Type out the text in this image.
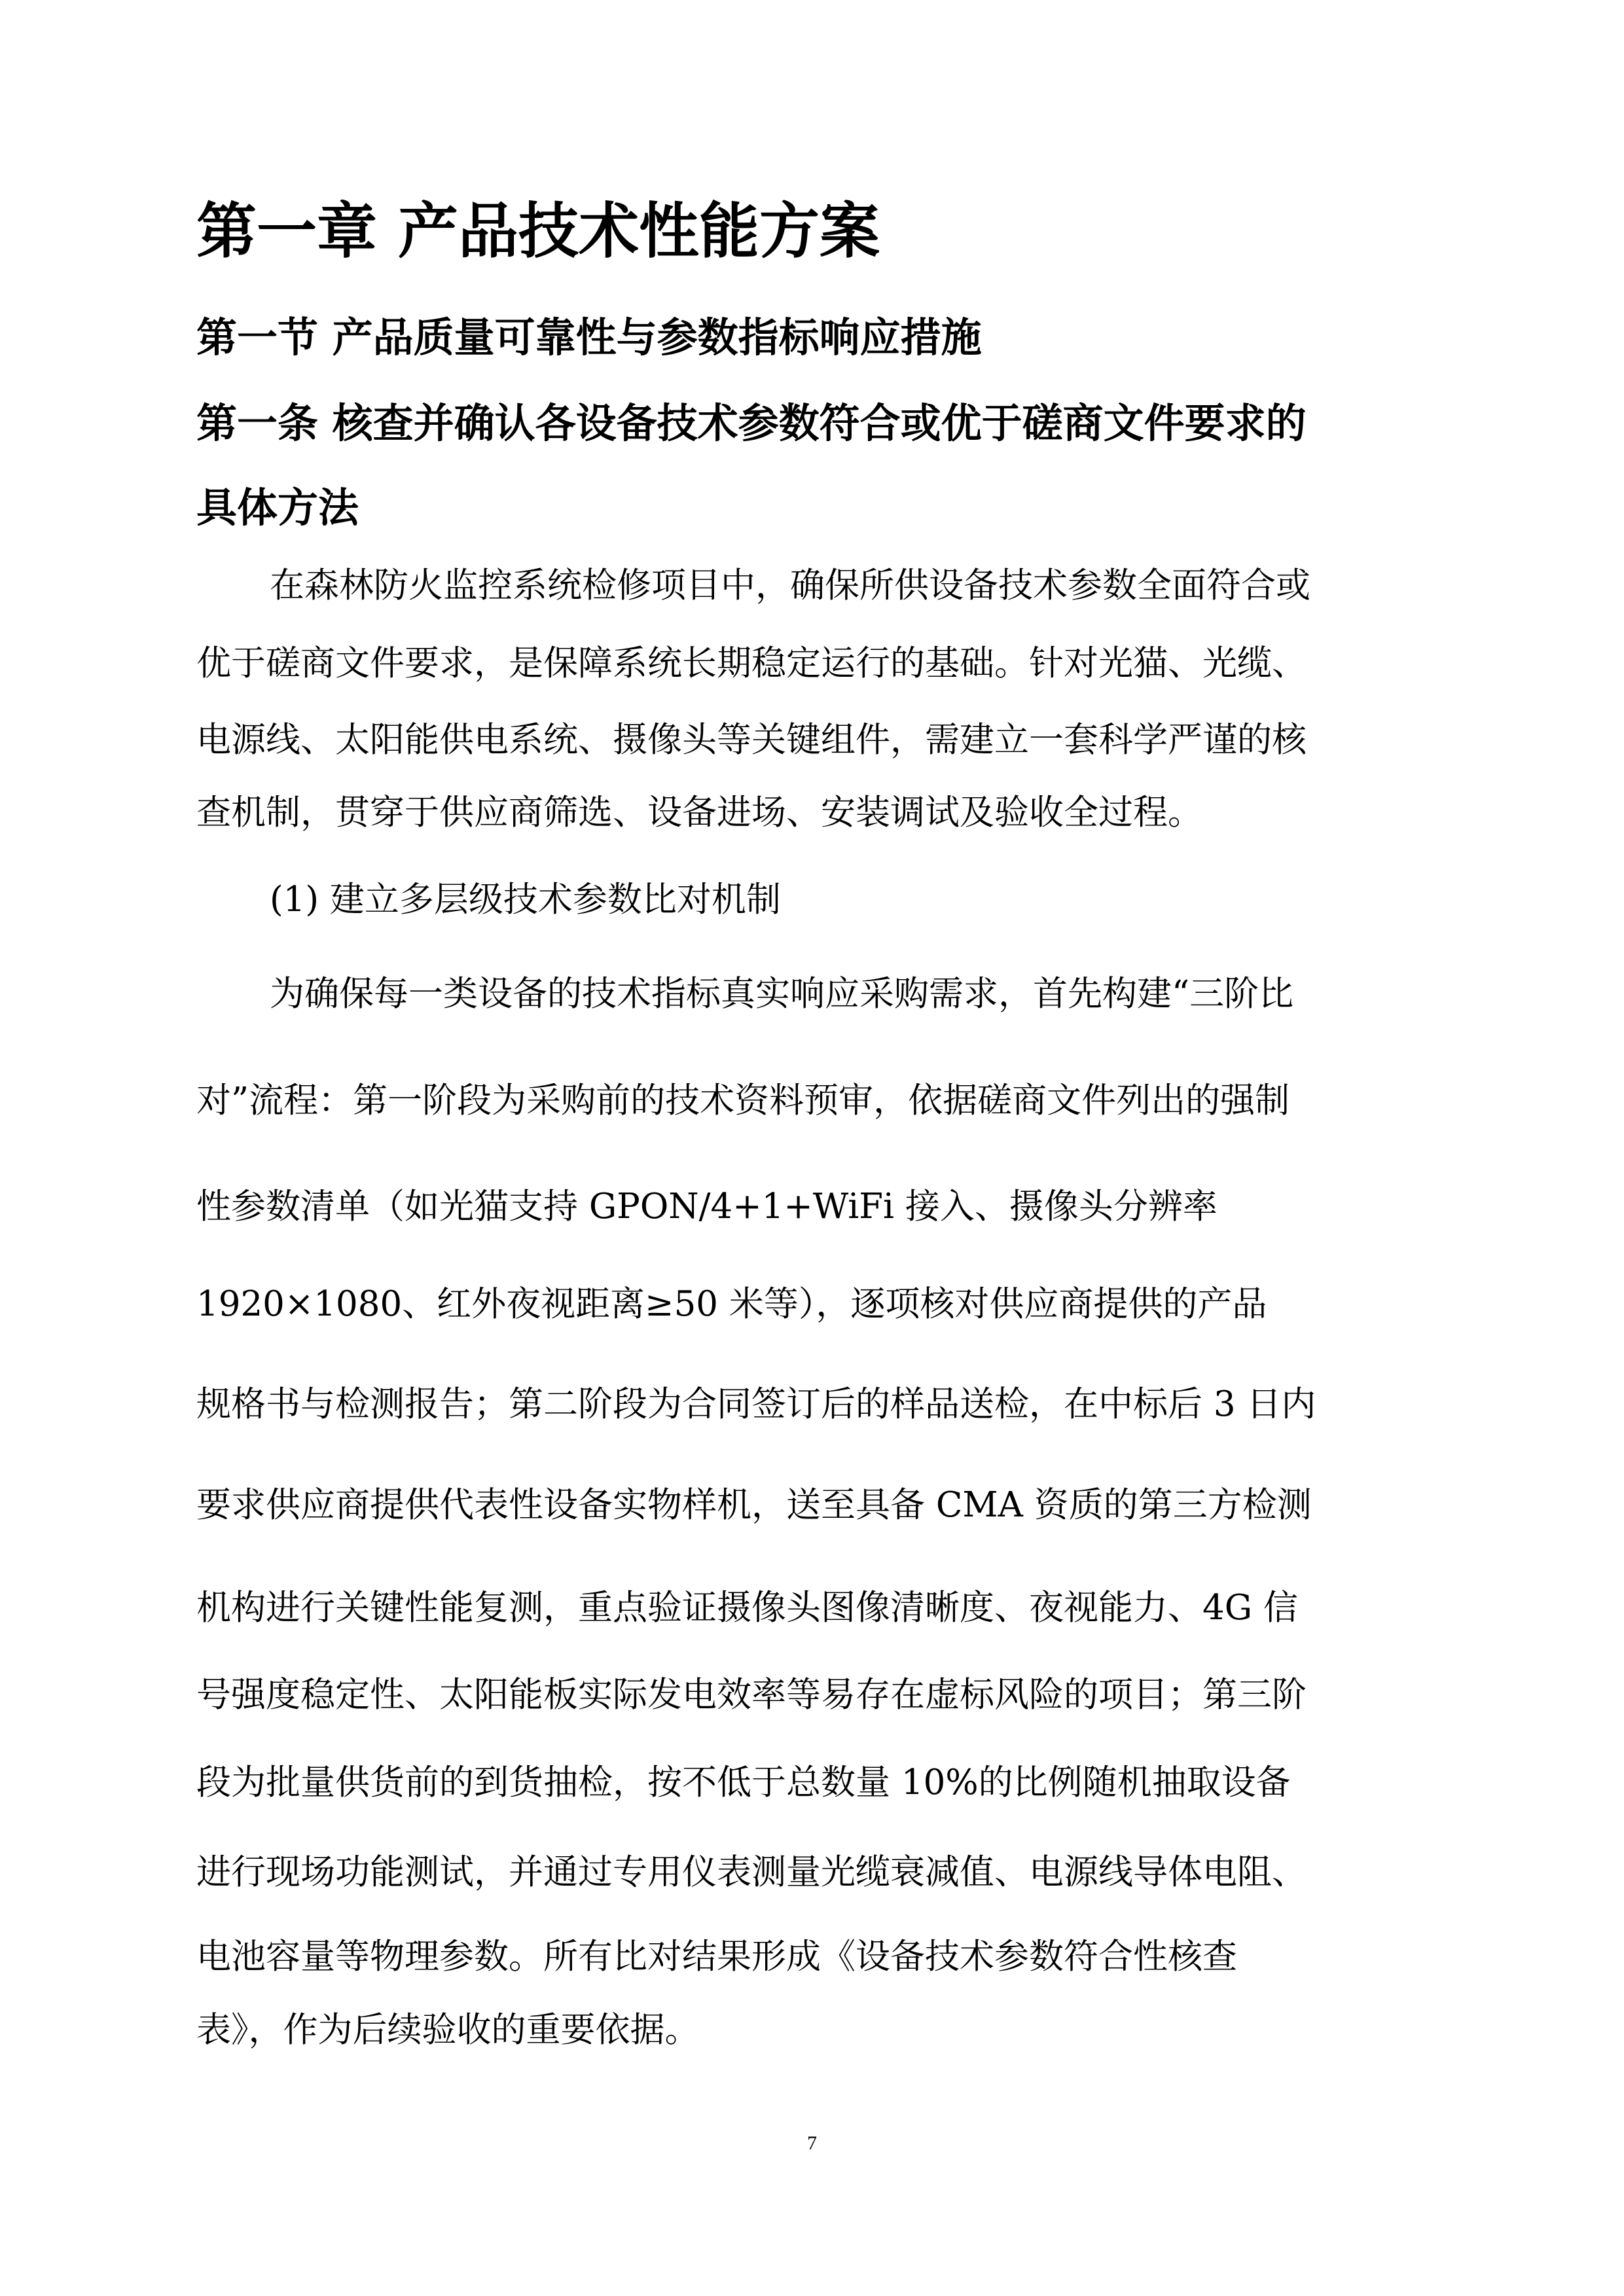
第一章 产品技术性能方案
第一节 产品质量可靠性与参数指标响应措施
第一条 核查并确认各设备技术参数符合或优于磋商文件要求的
具体方法
在森林防火监控系统检修项目中，确保所供设备技术参数全面符合或
优于磋商文件要求，是保障系统长期稳定运行的基础。针对光猫、光缆、
电源线、太阳能供电系统、摄像头等关键组件，需建立一套科学严谨的核
查机制，贯穿于供应商筛选、设备进场、安装调试及验收全过程。
(1) 建立多层级技术参数比对机制
为确保每一类设备的技术指标真实响应采购需求，首先构建“三阶比
对”流程：第一阶段为采购前的技术资料预审，依据磋商文件列出的强制
性参数清单（如光猫支持 GPON/4+1+WiFi 接入、摄像头分辨率
1920×1080、红外夜视距离≥50 米等），逐项核对供应商提供的产品
规格书与检测报告；第二阶段为合同签订后的样品送检，在中标后 3 日内
要求供应商提供代表性设备实物样机，送至具备 CMA 资质的第三方检测
机构进行关键性能复测，重点验证摄像头图像清晰度、夜视能力、4G 信
号强度稳定性、太阳能板实际发电效率等易存在虚标风险的项目；第三阶
段为批量供货前的到货抽检，按不低于总数量 10%的比例随机抽取设备
进行现场功能测试，并通过专用仪表测量光缆衰减值、电源线导体电阻、
电池容量等物理参数。所有比对结果形成《设备技术参数符合性核查
表》，作为后续验收的重要依据。
7
